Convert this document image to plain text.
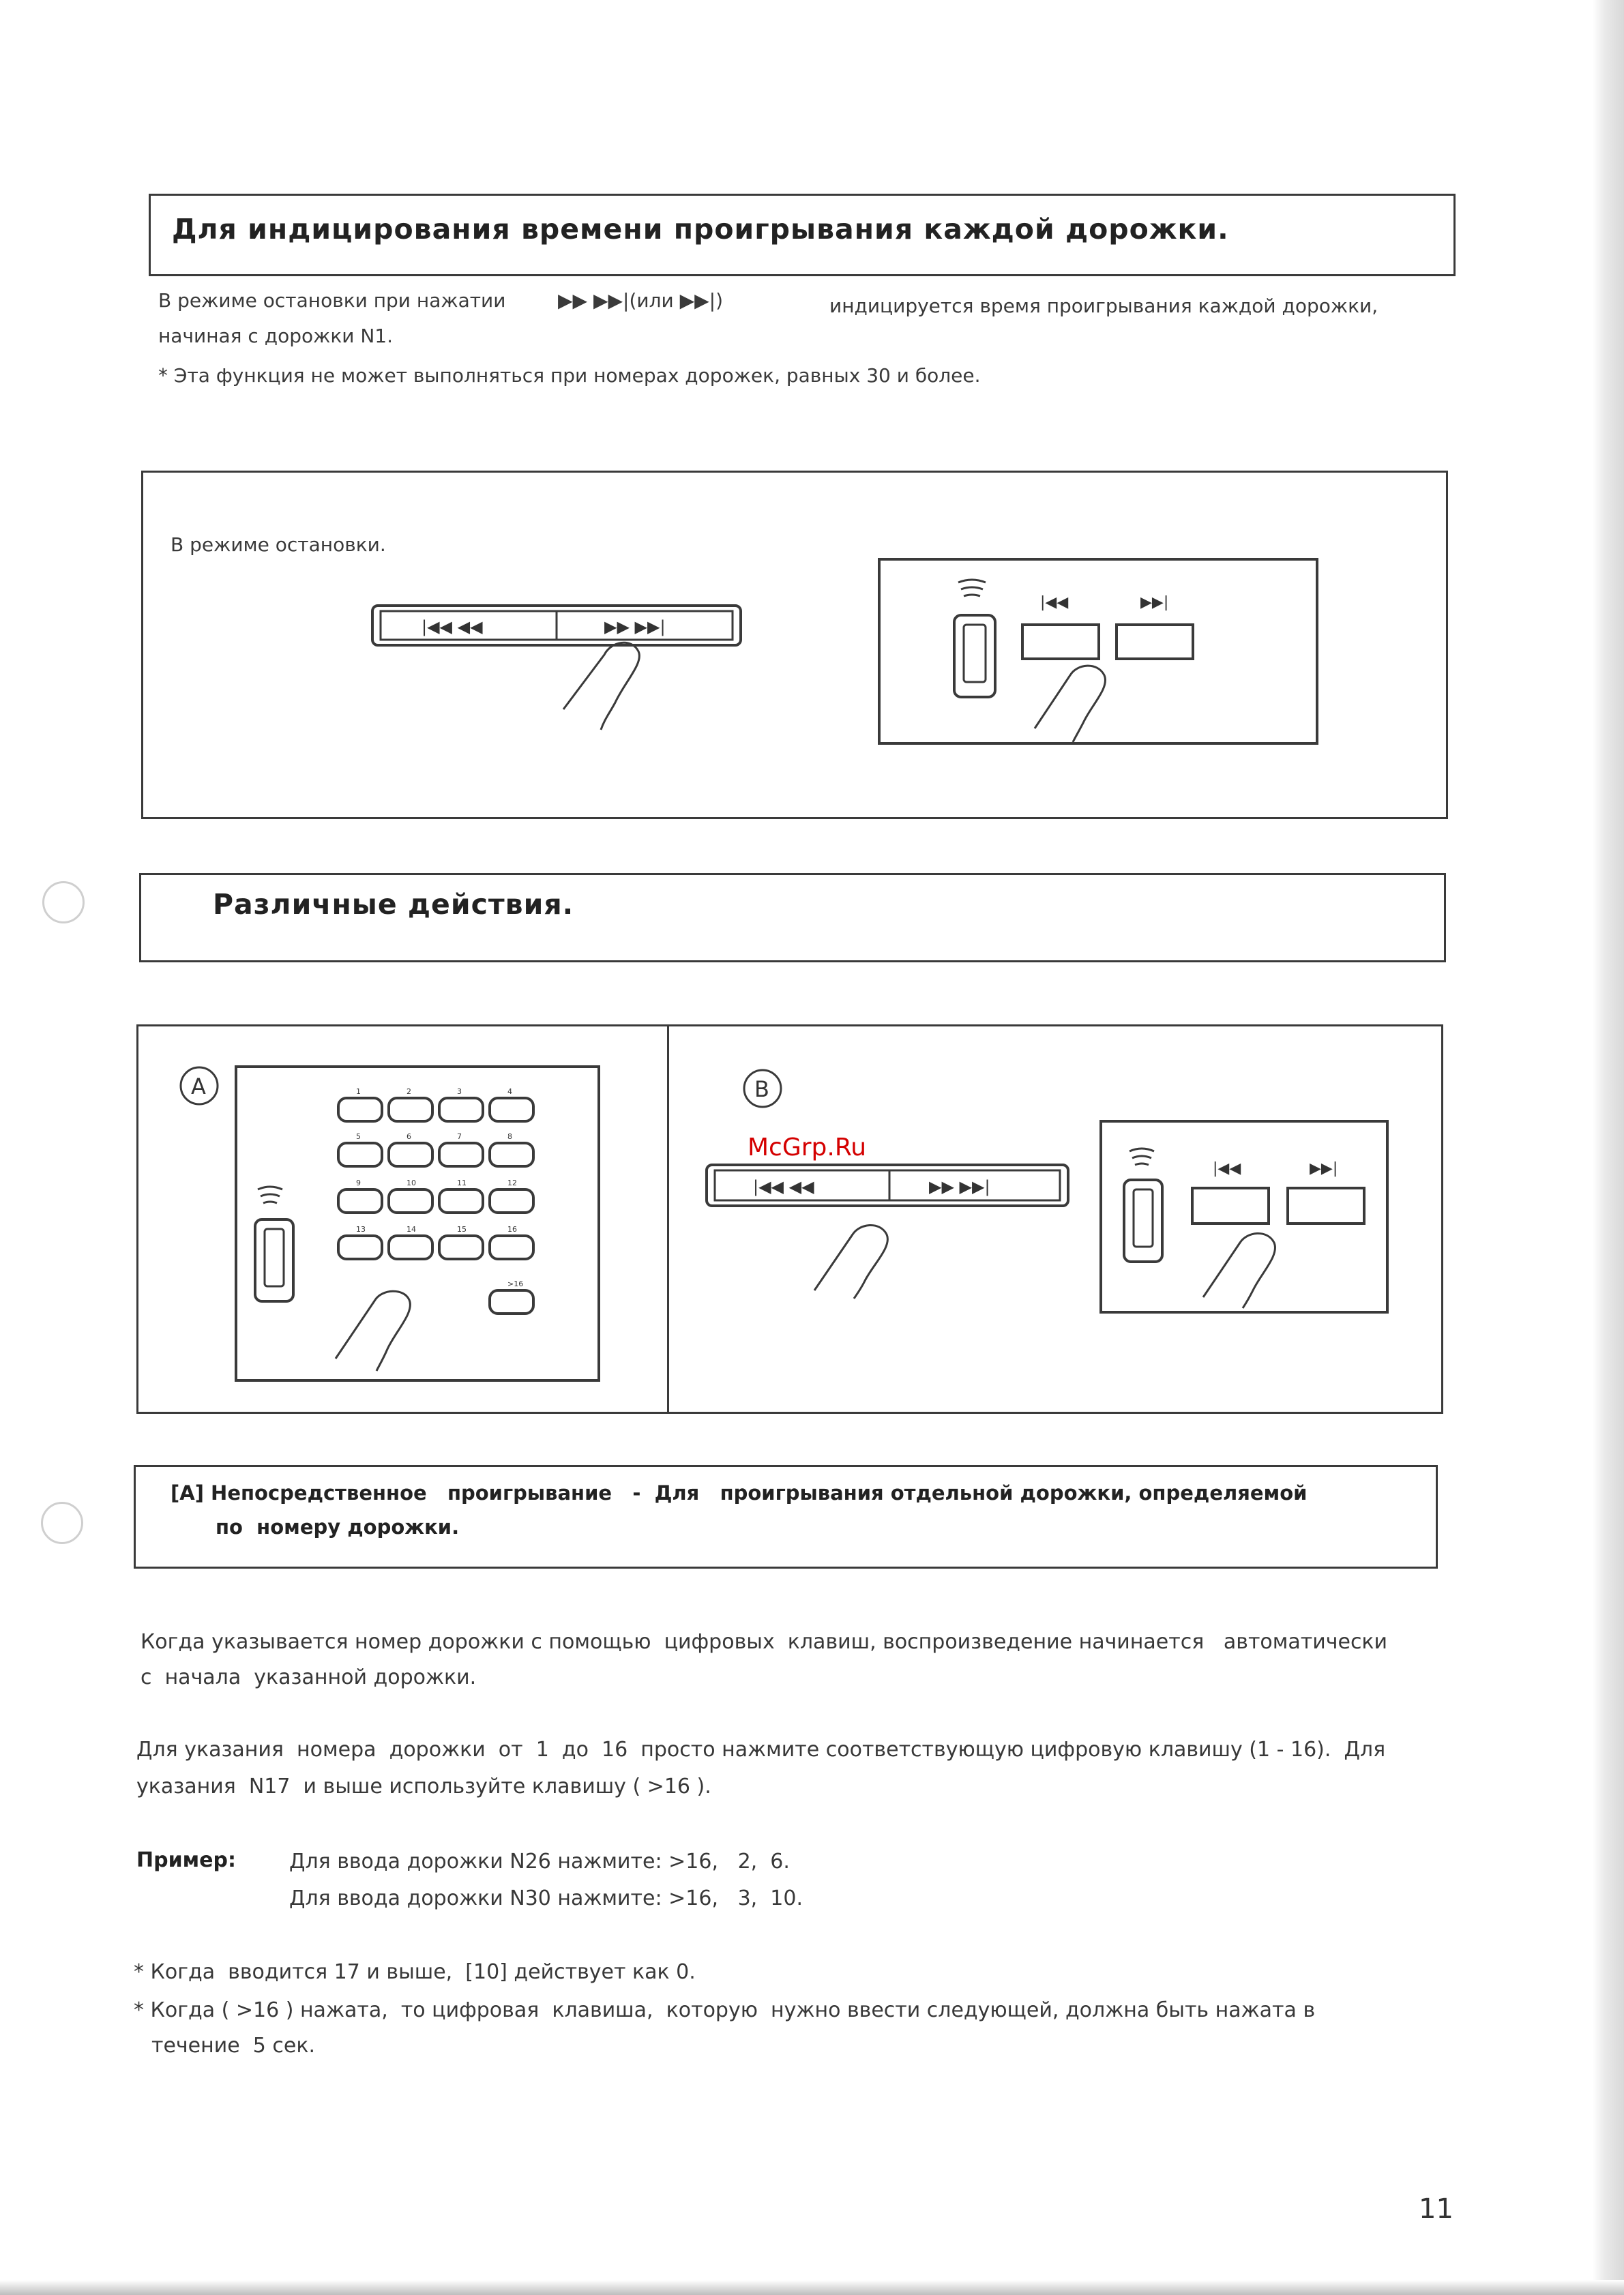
Для индицирования времени проигрывания каждой дорожки.
В режиме остановки при нажатии	▶▶ ▶▶|(или ▶▶|)	индицируется время проигрывания каждой дорожки,
начиная с дорожки N1.
* Эта функция не может выполняться при номерах дорожек, равных 30 и более.
В режиме остановки.
|◀◀ ◀◀	▶▶ ▶▶|
|◀◀	▶▶|
Различные действия.
A	B
1	2	3	4
5	6	7	8
9	10	11	12
13	14	15	16
>16
|◀◀ ◀◀	▶▶ ▶▶|
McGrp.Ru
|◀◀	▶▶|
[A] Непосредственное   проигрывание   -  Для   проигрывания отдельной дорожки, определяемой
по  номеру дорожки.
Когда указывается номер дорожки с помощью  цифровых  клавиш, воспроизведение начинается   автоматически
с  начала  указанной дорожки.
Для указания  номера  дорожки  от  1  до  16  просто нажмите соответствующую цифровую клавишу (1 - 16).  Для
указания  N17  и выше используйте клавишу ( >16 ).
Пример:	Для ввода дорожки N26 нажмите: >16,   2,  6.
Для ввода дорожки N30 нажмите: >16,   3,  10.
* Когда  вводится 17 и выше,  [10] действует как 0.
* Когда ( >16 ) нажата,  то цифровая  клавиша,  которую  нужно ввести следующей, должна быть нажата в
течение  5 сек.
11
